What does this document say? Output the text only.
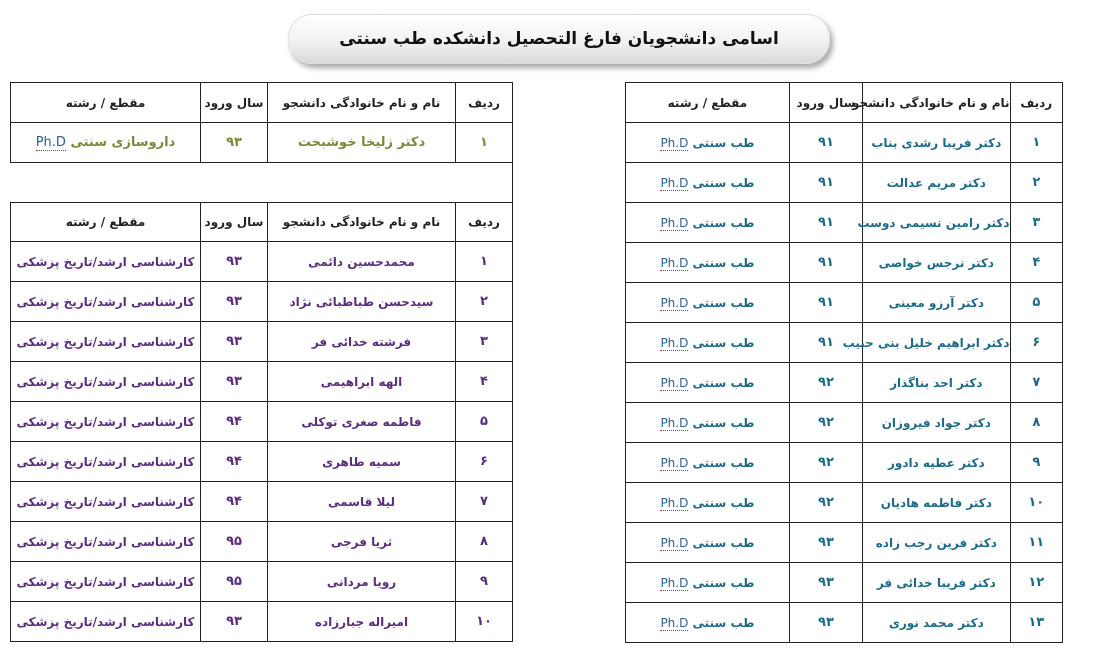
اسامی دانشجویان فارغ التحصیل دانشکده طب سنتی
ردیف	نام و نام خانوادگی دانشجو	سال ورود	مقطع / رشته
۱	دکتر فریبا رشدی بناب	۹۱	Ph.D طب سنتی
۲	دکتر مریم عدالت	۹۱	Ph.D طب سنتی
۳	دکتر رامین نسیمی دوست	۹۱	Ph.D طب سنتی
۴	دکتر نرجس خواصی	۹۱	Ph.D طب سنتی
۵	دکتر آرزو معینی	۹۱	Ph.D طب سنتی
۶	دکتر ابراهیم خلیل بنی حبیب	۹۱	Ph.D طب سنتی
۷	دکتر احد بناگذار	۹۲	Ph.D طب سنتی
۸	دکتر جواد فیروزان	۹۲	Ph.D طب سنتی
۹	دکتر عطیه دادور	۹۲	Ph.D طب سنتی
۱۰	دکتر فاطمه هادیان	۹۲	Ph.D طب سنتی
۱۱	دکتر فرین رجب زاده	۹۳	Ph.D طب سنتی
۱۲	دکتر فریبا خدائی فر	۹۳	Ph.D طب سنتی
۱۳	دکتر محمد نوری	۹۳	Ph.D طب سنتی
ردیف	نام و نام خانوادگی دانشجو	سال ورود	مقطع / رشته
۱	دکتر زلیخا خوشبخت	۹۳	Ph.D داروسازی سنتی
ردیف	نام و نام خانوادگی دانشجو	سال ورود	مقطع / رشته
۱	محمدحسین دائمی	۹۳	کارشناسی ارشد/تاریخ پزشکی
۲	سیدحسن طباطبائی نژاد	۹۳	کارشناسی ارشد/تاریخ پزشکی
۳	فرشته خدائی فر	۹۳	کارشناسی ارشد/تاریخ پزشکی
۴	الهه ابراهیمی	۹۳	کارشناسی ارشد/تاریخ پزشکی
۵	فاطمه صغری توکلی	۹۴	کارشناسی ارشد/تاریخ پزشکی
۶	سمیه طاهری	۹۴	کارشناسی ارشد/تاریخ پزشکی
۷	لیلا قاسمی	۹۴	کارشناسی ارشد/تاریخ پزشکی
۸	ثریا فرجی	۹۵	کارشناسی ارشد/تاریخ پزشکی
۹	رویا مردانی	۹۵	کارشناسی ارشد/تاریخ پزشکی
۱۰	امیراله جبارزاده	۹۳	کارشناسی ارشد/تاریخ پزشکی
